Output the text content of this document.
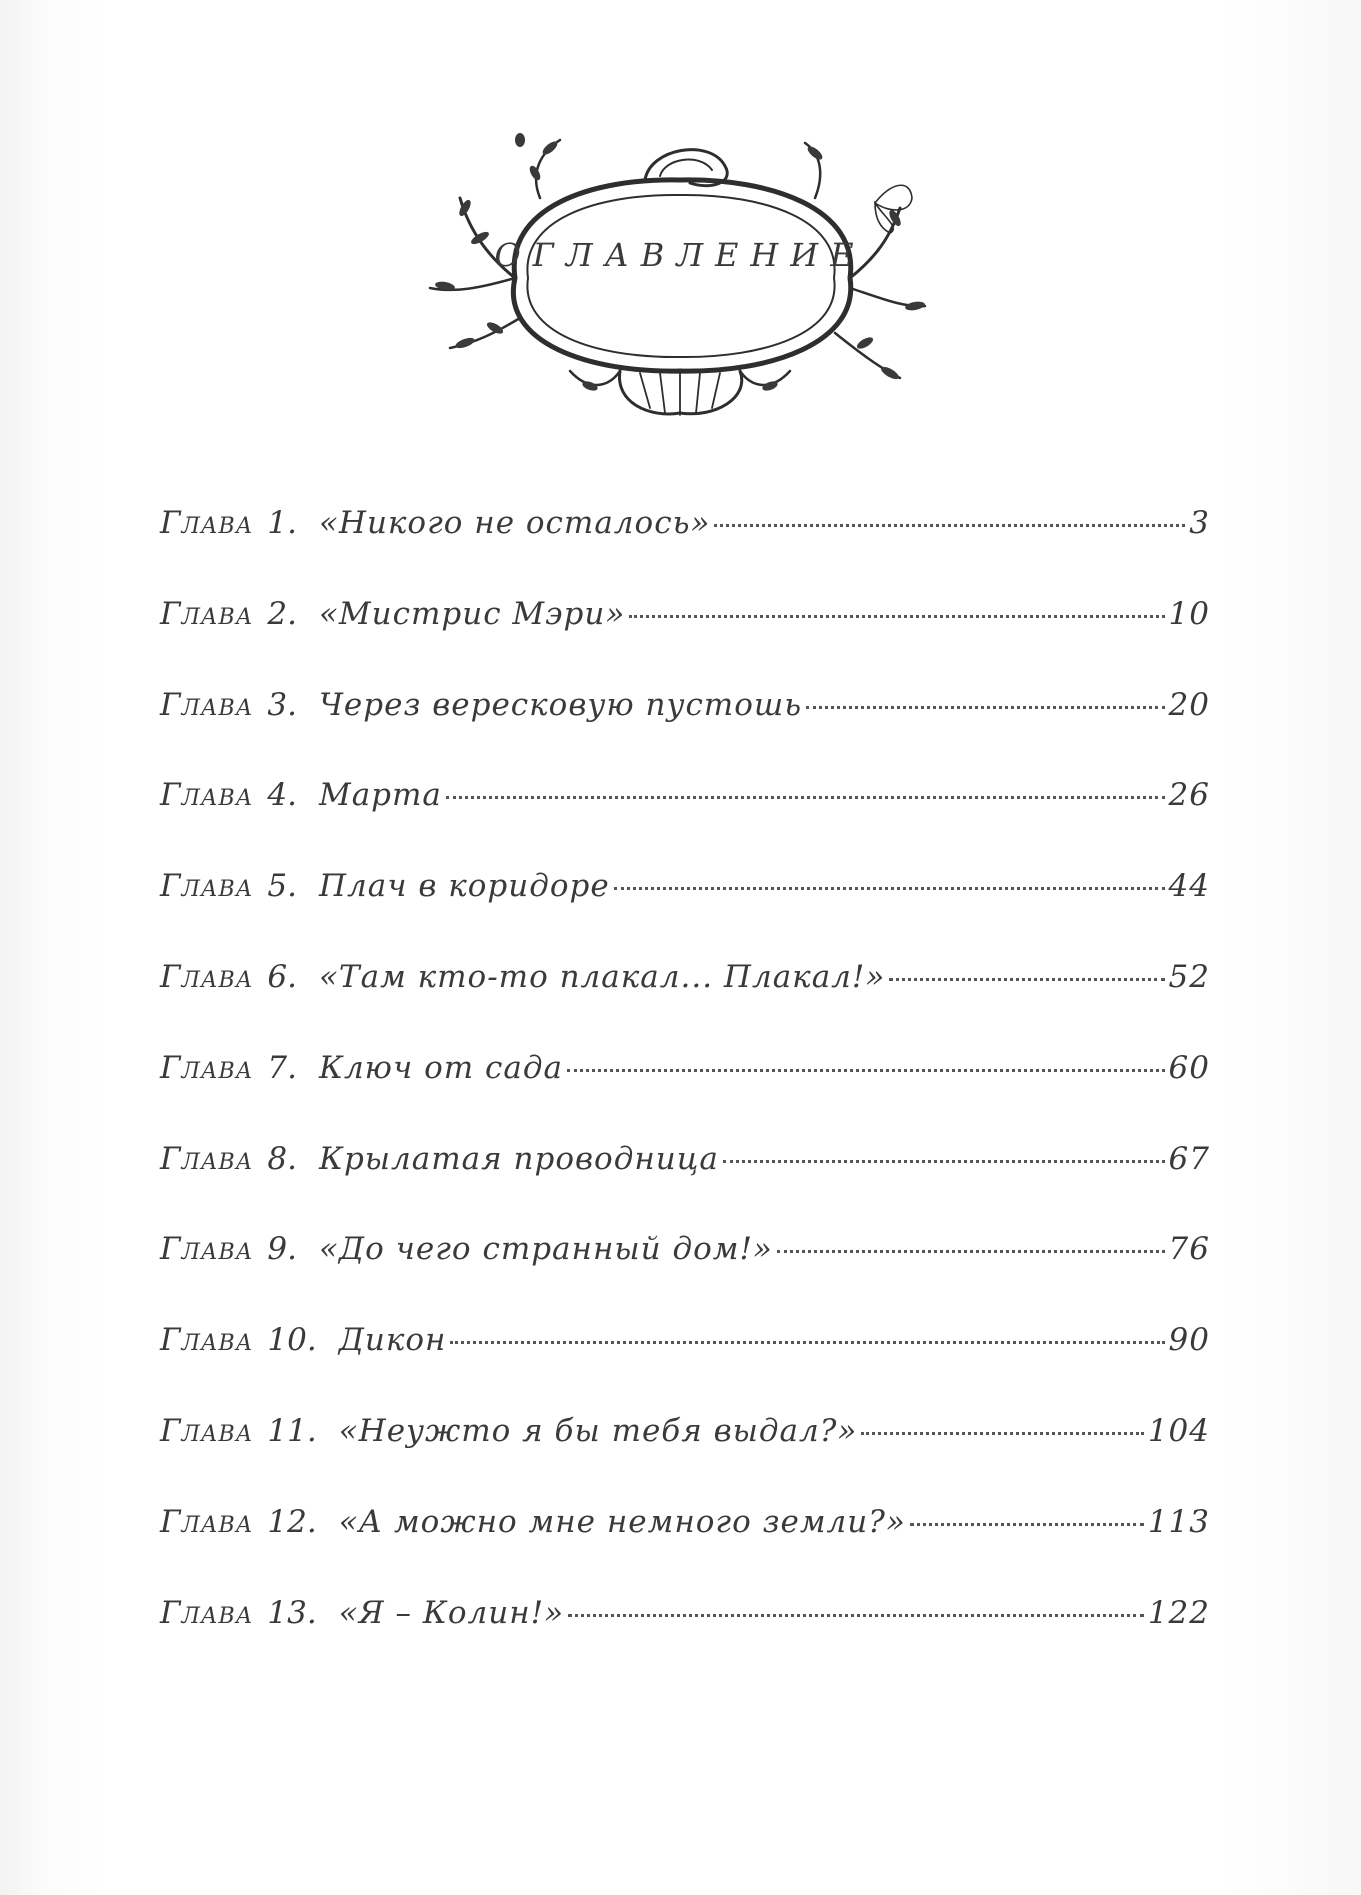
ОГЛАВЛЕНИЕ
Глава 1. «Никого не осталось»	3
Глава 2. «Мистрис Мэри»	10
Глава 3. Через вересковую пустошь	20
Глава 4. Марта	26
Глава 5. Плач в коридоре	44
Глава 6. «Там кто-то плакал... Плакал!»	52
Глава 7. Ключ от сада	60
Глава 8. Крылатая проводница	67
Глава 9. «До чего странный дом!»	76
Глава 10. Дикон	90
Глава 11. «Неужто я бы тебя выдал?»	104
Глава 12. «А можно мне немного земли?»	113
Глава 13. «Я – Колин!»	122
